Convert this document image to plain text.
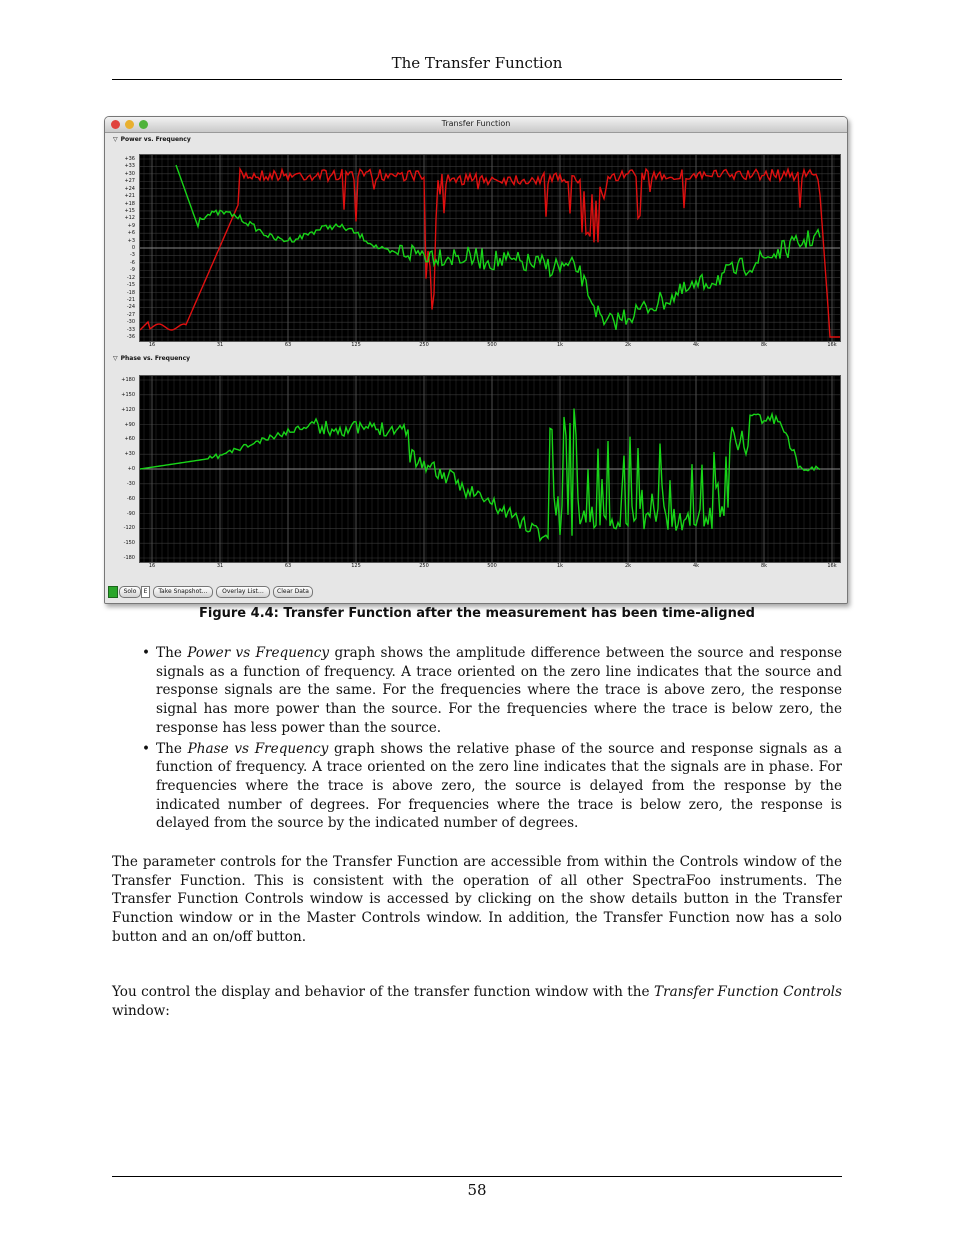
The Transfer Function
Transfer Function
▽ Power vs. Frequency
+36
+33
+30
+27
+24
+21
+18
+15
+12
+9
+6
+3
0
-3
-6
-9
-12
-15
-18
-21
-24
-27
-30
-33
-36
16	31	63	125	250	500	1k	2k	4k	8k	16k
▽ Phase vs. Frequency
+180
+150
+120
+90
+60
+30
+0
-30
-60
-90
-120
-150
-180
16	31	63	125	250	500	1k	2k	4k	8k	16k
Solo	E	Take Snapshot…	Overlay List…	Clear Data
Figure 4.4: Transfer Function after the measurement has been time-aligned
• The Power vs Frequency graph shows the amplitude difference between the source and response signals as a function of frequency. A trace oriented on the zero line indicates that the source and response signals are the same. For the frequencies where the trace is above zero, the response signal has more power than the source. For the frequencies where the trace is below zero, the response has less power than the source.
• The Phase vs Frequency graph shows the relative phase of the source and response signals as a function of frequency. A trace oriented on the zero line indicates that the signals are in phase. For frequencies where the trace is above zero, the source is delayed from the response by the indicated number of degrees. For frequencies where the trace is below zero, the response is delayed from the source by the indicated number of degrees.

The parameter controls for the Transfer Function are accessible from within the Controls window of the Transfer Function. This is consistent with the operation of all other SpectraFoo instruments. The Transfer Function Controls window is accessed by clicking on the show details button in the Transfer Function window or in the Master Controls window. In addition, the Transfer Function now has a solo button and an on/off button.

You control the display and behavior of the transfer function window with the Transfer Function Controls window:

58
